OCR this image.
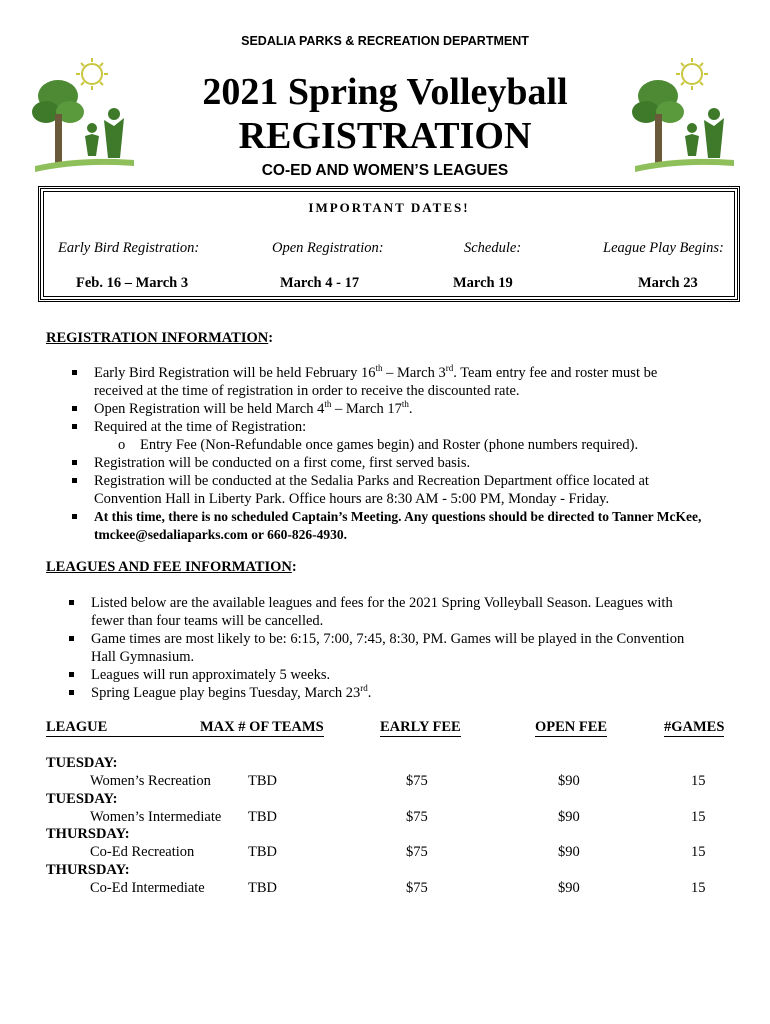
SEDALIA PARKS & RECREATION DEPARTMENT
2021 Spring Volleyball
REGISTRATION
CO-ED AND WOMEN’S LEAGUES
IMPORTANT DATES!
Early Bird Registration:	Open Registration:	Schedule:	League Play Begins:
Feb. 16 – March 3	March 4 - 17	March 19	March 23
REGISTRATION INFORMATION:
Early Bird Registration will be held February 16th – March 3rd. Team entry fee and roster must be
received at the time of registration in order to receive the discounted rate.
Open Registration will be held March 4th – March 17th.
Required at the time of Registration:
o Entry Fee (Non-Refundable once games begin) and Roster (phone numbers required).
Registration will be conducted on a first come, first served basis.
Registration will be conducted at the Sedalia Parks and Recreation Department office located at
Convention Hall in Liberty Park. Office hours are 8:30 AM - 5:00 PM, Monday - Friday.
At this time, there is no scheduled Captain’s Meeting. Any questions should be directed to Tanner McKee,
tmckee@sedaliaparks.com or 660-826-4930.
LEAGUES AND FEE INFORMATION:
Listed below are the available leagues and fees for the 2021 Spring Volleyball Season. Leagues with
fewer than four teams will be cancelled.
Game times are most likely to be: 6:15, 7:00, 7:45, 8:30, PM. Games will be played in the Convention
Hall Gymnasium.
Leagues will run approximately 5 weeks.
Spring League play begins Tuesday, March 23rd.
LEAGUE	MAX # OF TEAMS	EARLY FEE	OPEN FEE	#GAMES
TUESDAY:
Women’s Recreation	TBD	$75	$90	15
TUESDAY:
Women’s Intermediate TBD	$75	$90	15
THURSDAY:
Co-Ed Recreation	TBD	$75	$90	15
THURSDAY:
Co-Ed Intermediate	TBD	$75	$90	15
